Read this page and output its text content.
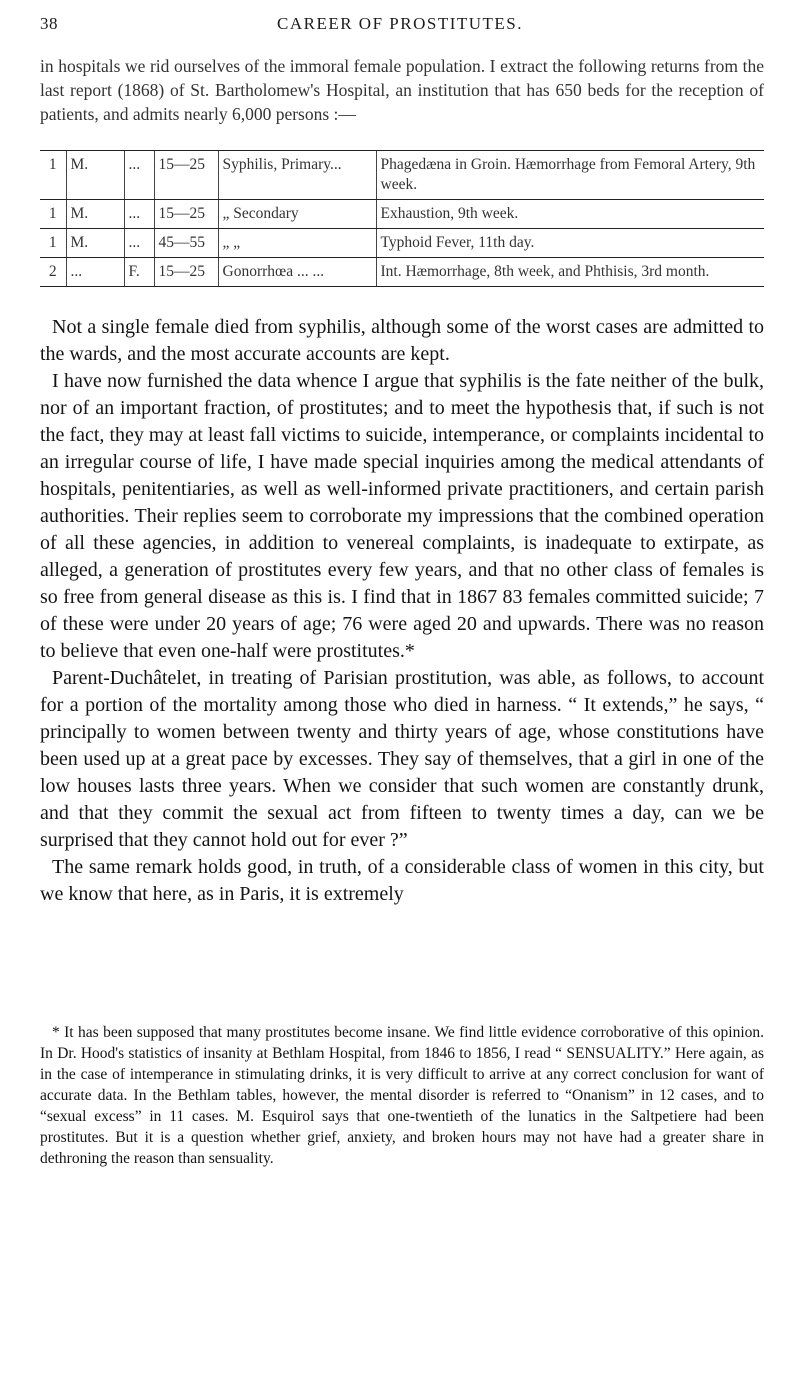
38	CAREER OF PROSTITUTES.
in hospitals we rid ourselves of the immoral female population. I extract the following returns from the last report (1868) of St. Bartholomew's Hospital, an institution that has 650 beds for the reception of patients, and admits nearly 6,000 persons :—
1	M.	...	15—25	Syphilis, Primary...	Phagedæna in Groin. Hæmorrhage from Femoral Artery, 9th week.
1	M.	...	15—25	„ Secondary	Exhaustion, 9th week.
1	M.	...	45—55	„ „	Typhoid Fever, 11th day.
2	...	F.	15—25	Gonorrhœa ... ...	Int. Hæmorrhage, 8th week, and Phthisis, 3rd month.

Not a single female died from syphilis, although some of the worst cases are admitted to the wards, and the most accurate accounts are kept.

I have now furnished the data whence I argue that syphilis is the fate neither of the bulk, nor of an important fraction, of prostitutes; and to meet the hypothesis that, if such is not the fact, they may at least fall victims to suicide, intemperance, or complaints incidental to an irregular course of life, I have made special inquiries among the medical attendants of hospitals, penitentiaries, as well as well-informed private practitioners, and certain parish authorities. Their replies seem to corroborate my impressions that the combined operation of all these agencies, in addition to venereal complaints, is inadequate to extirpate, as alleged, a generation of prostitutes every few years, and that no other class of females is so free from general disease as this is. I find that in 1867 83 females committed suicide; 7 of these were under 20 years of age; 76 were aged 20 and upwards. There was no reason to believe that even one-half were prostitutes.*

Parent-Duchâtelet, in treating of Parisian prostitution, was able, as follows, to account for a portion of the mortality among those who died in harness. “ It extends,” he says, “ principally to women between twenty and thirty years of age, whose constitutions have been used up at a great pace by excesses. They say of themselves, that a girl in one of the low houses lasts three years. When we consider that such women are constantly drunk, and that they commit the sexual act from fifteen to twenty times a day, can we be surprised that they cannot hold out for ever ?”

The same remark holds good, in truth, of a considerable class of women in this city, but we know that here, as in Paris, it is extremely

* It has been supposed that many prostitutes become insane. We find little evidence corroborative of this opinion. In Dr. Hood's statistics of insanity at Bethlam Hospital, from 1846 to 1856, I read “ SENSUALITY.” Here again, as in the case of intemperance in stimulating drinks, it is very difficult to arrive at any correct conclusion for want of accurate data. In the Bethlam tables, however, the mental disorder is referred to “Onanism” in 12 cases, and to “sexual excess” in 11 cases. M. Esquirol says that one-twentieth of the lunatics in the Saltpetiere had been prostitutes. But it is a question whether grief, anxiety, and broken hours may not have had a greater share in dethroning the reason than sensuality.
